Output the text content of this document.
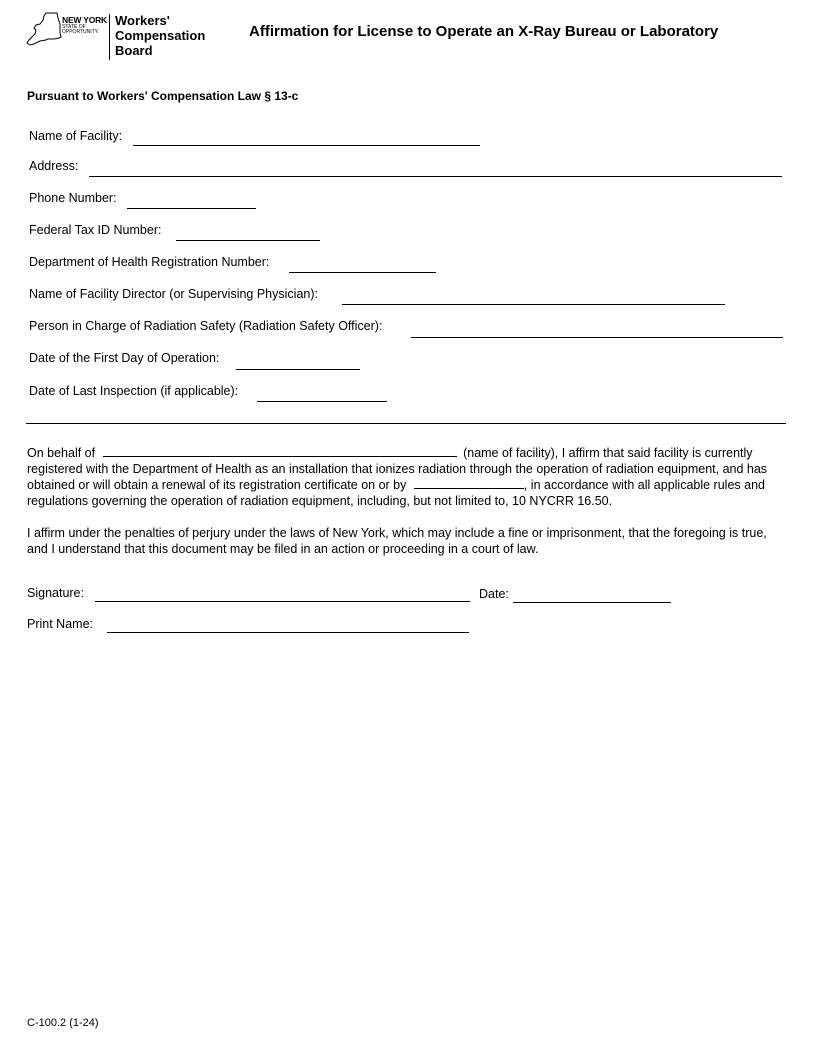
NEW YORK
STATE OF
OPPORTUNITY.
Workers' Compensation Board
Affirmation for License to Operate an X-Ray Bureau or Laboratory
Pursuant to Workers' Compensation Law § 13-c
Name of Facility:
Address:
Phone Number:
Federal Tax ID Number:
Department of Health Registration Number:
Name of Facility Director (or Supervising Physician):
Person in Charge of Radiation Safety (Radiation Safety Officer):
Date of the First Day of Operation:
Date of Last Inspection (if applicable):
On behalf of	(name of facility), I affirm that said facility is currently registered with the Department of Health as an installation that ionizes radiation through the operation of radiation equipment, and has obtained or will obtain a renewal of its registration certificate on or by	, in accordance with all applicable rules and regulations governing the operation of radiation equipment, including, but not limited to, 10 NYCRR 16.50.
I affirm under the penalties of perjury under the laws of New York, which may include a fine or imprisonment, that the foregoing is true, and I understand that this document may be filed in an action or proceeding in a court of law.
Signature:	Date:
Print Name:
C-100.2 (1-24)
